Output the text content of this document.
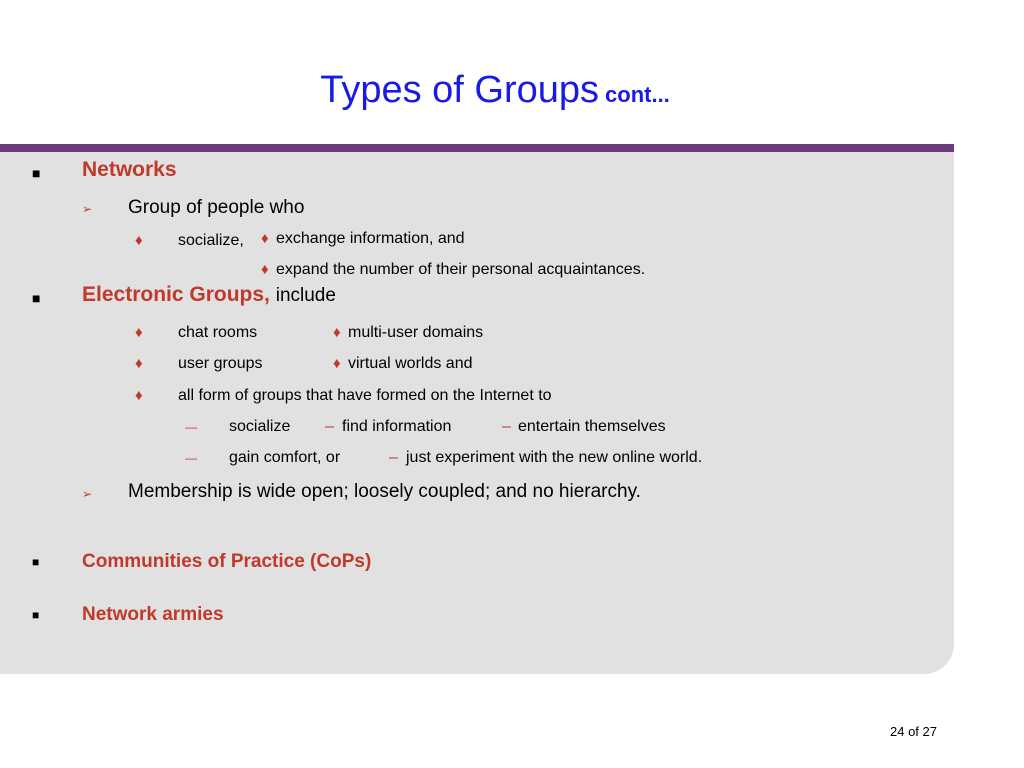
Types of Groups cont...
■ Networks
➢ Group of people who
♦ socialize, ♦ exchange information, and
♦ expand the number of their personal acquaintances.
■ Electronic Groups, include
♦ chat rooms	♦ multi-user domains
♦ user groups	♦ virtual worlds and
♦ all form of groups that have formed on the Internet to
— socialize – find information	– entertain themselves
— gain comfort, or	– just experiment with the new online world.
➢ Membership is wide open; loosely coupled; and no hierarchy.
■ Communities of Practice (CoPs)
■ Network armies
24 of 27
